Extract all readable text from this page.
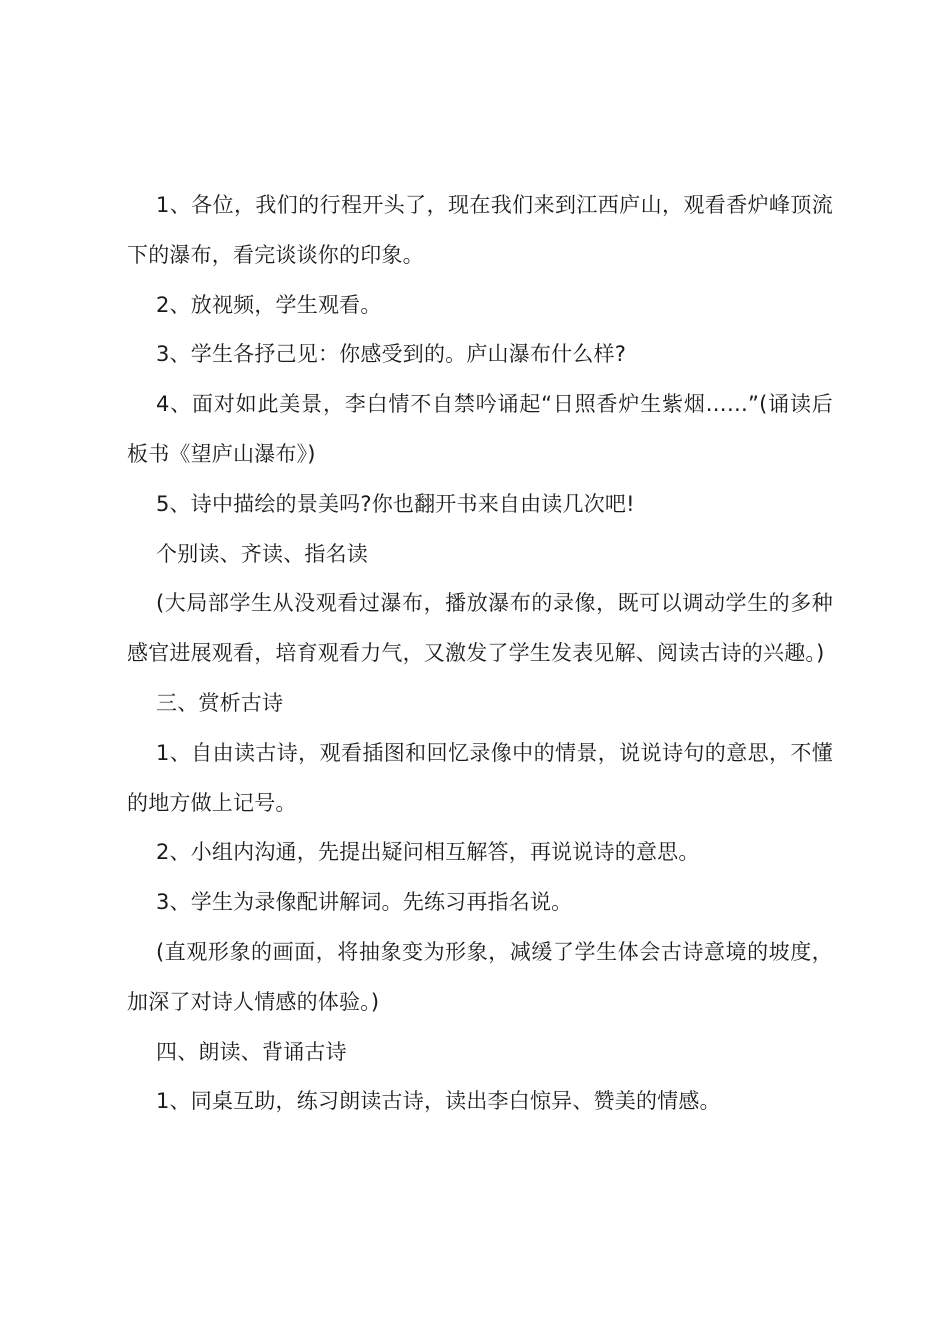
1、各位，我们的行程开头了，现在我们来到江西庐山，观看香炉峰顶流下的瀑布，看完谈谈你的印象。

2、放视频，学生观看。

3、学生各抒己见：你感受到的。庐山瀑布什么样?

4、面对如此美景，李白情不自禁吟诵起“日照香炉生紫烟……”(诵读后板书《望庐山瀑布》)

5、诗中描绘的景美吗?你也翻开书来自由读几次吧!

个别读、齐读、指名读

(大局部学生从没观看过瀑布，播放瀑布的录像，既可以调动学生的多种感官进展观看，培育观看力气，又激发了学生发表见解、阅读古诗的兴趣。)

三、赏析古诗

1、自由读古诗，观看插图和回忆录像中的情景，说说诗句的意思，不懂的地方做上记号。

2、小组内沟通，先提出疑问相互解答，再说说诗的意思。

3、学生为录像配讲解词。先练习再指名说。

(直观形象的画面，将抽象变为形象，减缓了学生体会古诗意境的坡度，加深了对诗人情感的体验。)

四、朗读、背诵古诗

1、同桌互助，练习朗读古诗，读出李白惊异、赞美的情感。
